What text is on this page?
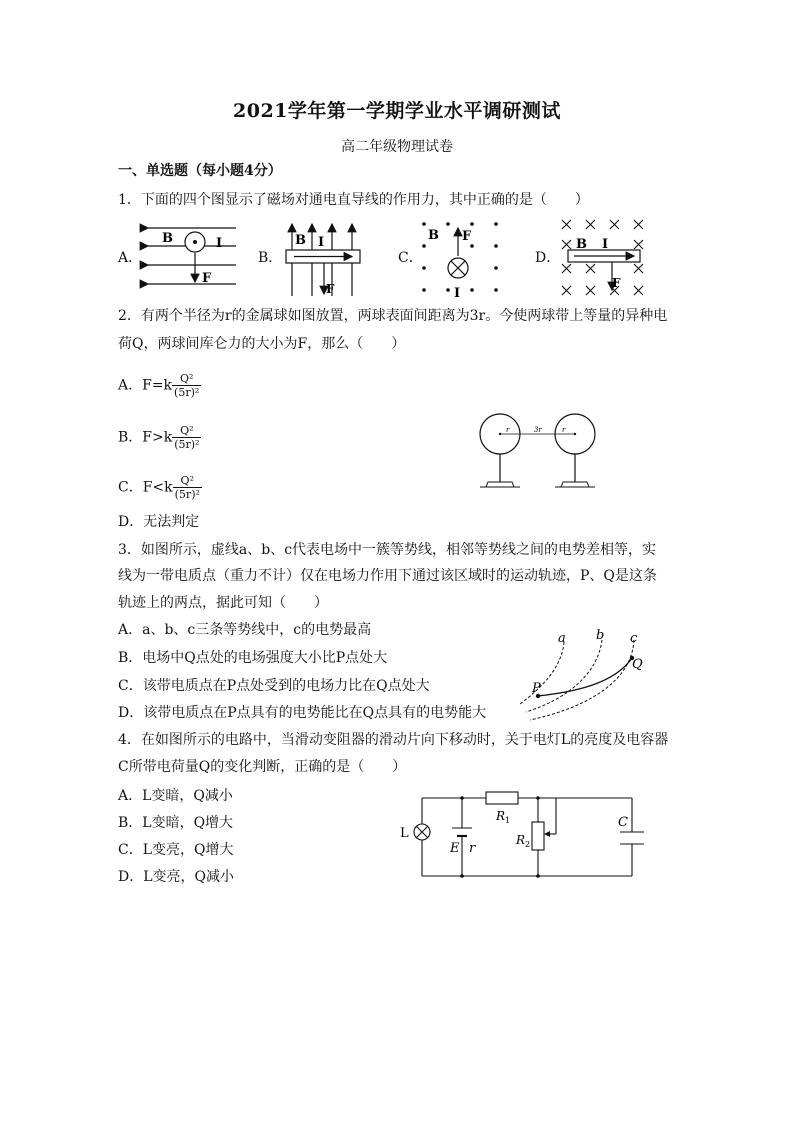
2021学年第一学期学业水平调研测试
高二年级物理试卷
一、单选题（每小题4分）
1．下面的四个图显示了磁场对通电直导线的作用力，其中正确的是（　　）
A．	B．	C．	D．
B	I
F
B I
F
B F
I
B I
F
2．有两个半径为r的金属球如图放置，两球表面间距离为3r。今使两球带上等量的异种电
荷Q，两球间库仑力的大小为F，那么（　　）
A．$F=k \frac{\text{Q²}}{\text{(5r)²}}$
B．$F>k \frac{\text{Q²}}{\text{(5r)²}}$
C．$F<k \frac{\text{Q²}}{\text{(5r)²}}$
D．无法判定
r	3r	r
3．如图所示，虚线a、b、c代表电场中一簇等势线，相邻等势线之间的电势差相等，实
线为一带电质点（重力不计）仅在电场力作用下通过该区域时的运动轨迹，P、Q是这条
轨迹上的两点，据此可知（　　）
A．a、b、c三条等势线中，c的电势最高
B．电场中Q点处的电场强度大小比P点处大
C．该带电质点在P点处受到的电场力比在Q点处大
D．该带电质点在P点具有的电势能比在Q点具有的电势能大
a b c
P
Q
4．在如图所示的电路中，当滑动变阻器的滑动片向下移动时，关于电灯L的亮度及电容器
C所带电荷量Q的变化判断，正确的是（　　）
A．L变暗，Q减小
B．L变暗，Q增大
C．L变亮，Q增大
D．L变亮，Q减小
L
E r
R 1
R 2
C
